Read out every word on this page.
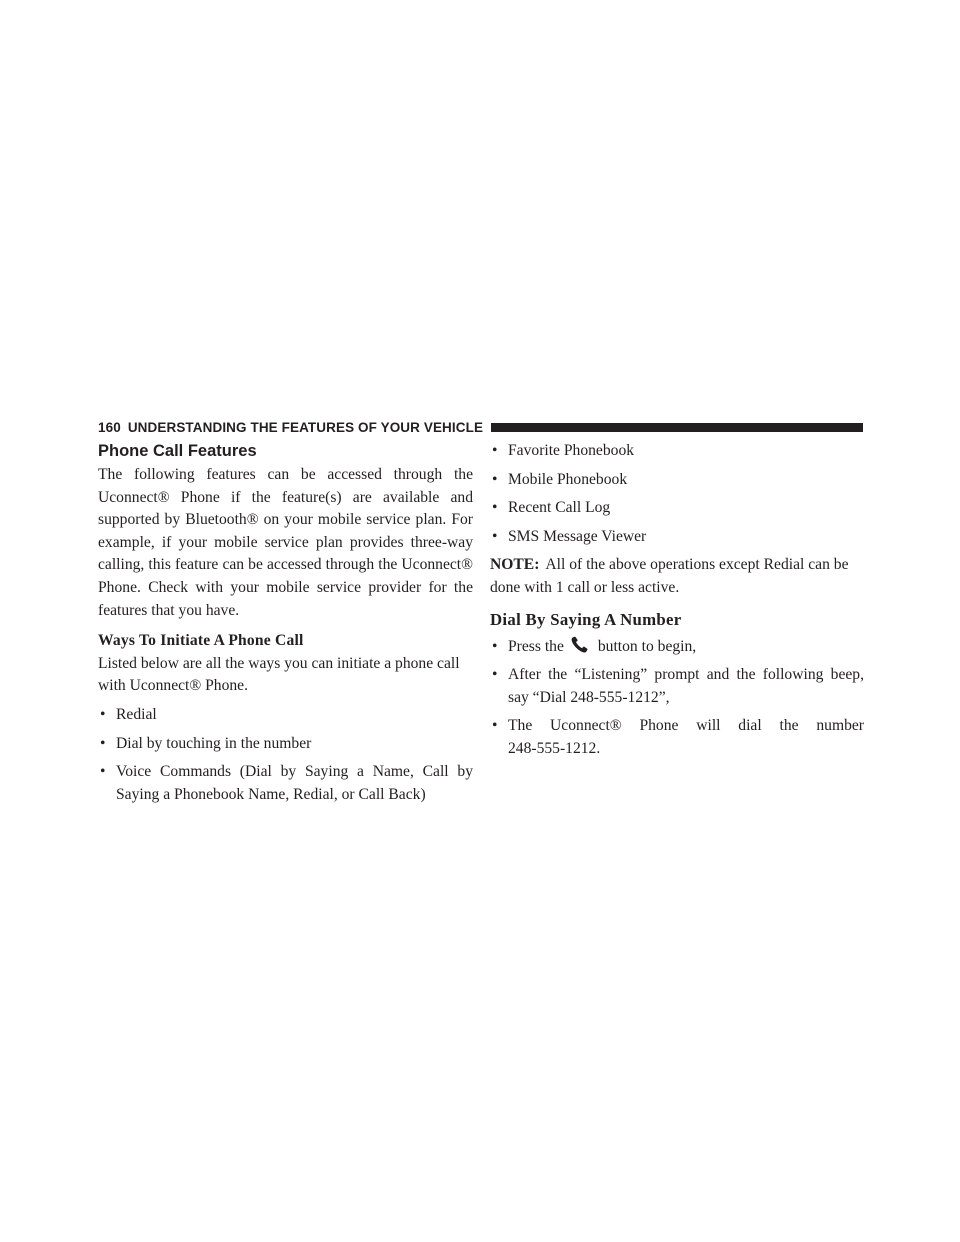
160 UNDERSTANDING THE FEATURES OF YOUR VEHICLE
Phone Call Features

The following features can be accessed through the Uconnect® Phone if the feature(s) are available and supported by Bluetooth® on your mobile service plan. For example, if your mobile service plan provides three-way calling, this feature can be accessed through the Uconnect® Phone. Check with your mobile service provider for the features that you have.

Ways To Initiate A Phone Call

Listed below are all the ways you can initiate a phone call with Uconnect® Phone.

• Redial
• Dial by touching in the number
• Voice Commands (Dial by Saying a Name, Call by Saying a Phonebook Name, Redial, or Call Back)
• Favorite Phonebook
• Mobile Phonebook
• Recent Call Log
• SMS Message Viewer

NOTE: All of the above operations except Redial can be done with 1 call or less active.

Dial By Saying A Number
• Press the button to begin,
• After the “Listening” prompt and the following beep, say “Dial 248-555-1212”,
• The Uconnect® Phone will dial the number
248-555-1212.
